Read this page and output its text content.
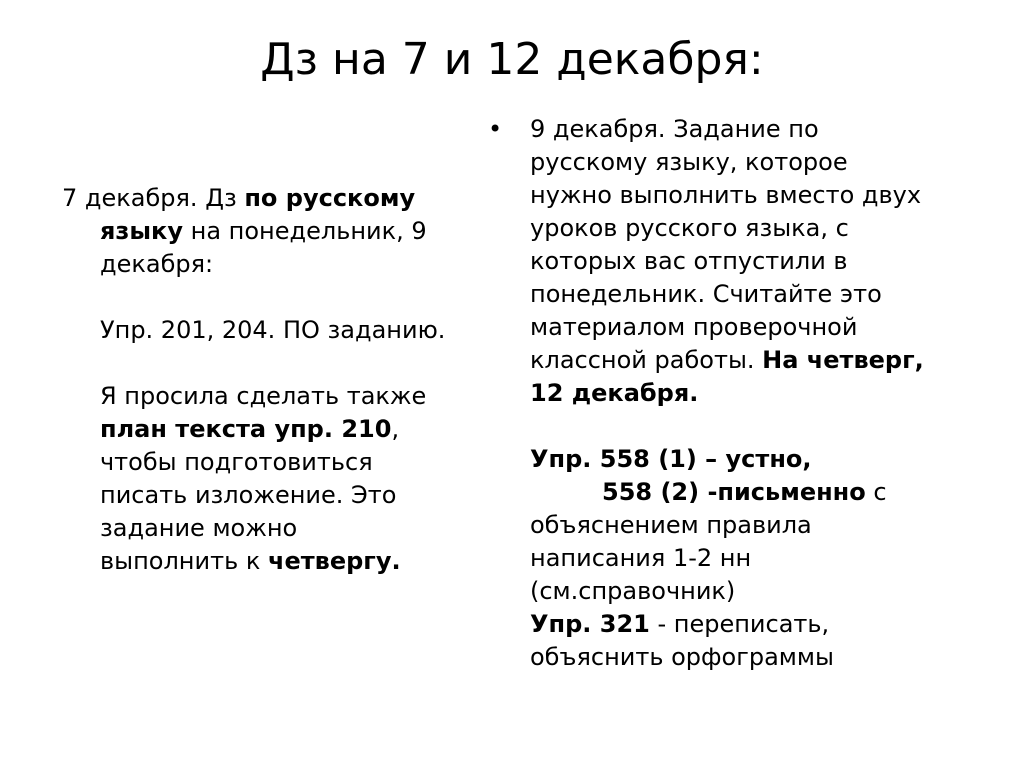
Дз на 7 и 12 декабря:
7 декабря. Дз по русскому
языку на понедельник, 9
декабря:
Упр. 201, 204. ПО заданию.
Я просила сделать также
план текста упр. 210,
чтобы подготовиться
писать изложение. Это
задание можно
выполнить к четвергу.
• 9 декабря. Задание по
русскому языку, которое
нужно выполнить вместо двух
уроков русского языка, с
которых вас отпустили в
понедельник. Считайте это
материалом проверочной
классной работы. На четверг,
12 декабря.
Упр. 558 (1) – устно,
558 (2) -письменно с
объяснением правила
написания 1-2 нн
(см.справочник)
Упр. 321 - переписать,
объяснить орфограммы
